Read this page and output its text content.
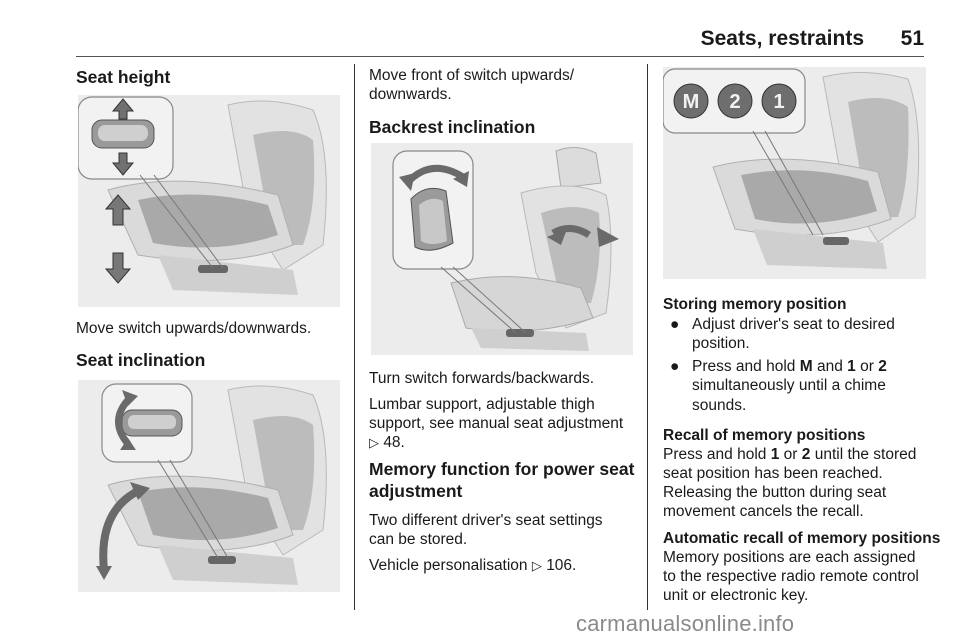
Seats, restraints 51
Seat height
Move switch upwards/downwards.
Seat inclination
Move front of switch upwards/
downwards.
Backrest inclination
Turn switch forwards/backwards.
Lumbar support, adjustable thigh
support, see manual seat adjustment
▷ 48.
Memory function for power seat
adjustment
Two different driver's seat settings
can be stored.
Vehicle personalisation ▷ 106.
M 2 1
Storing memory position
● Adjust driver's seat to desired
position.
● Press and hold M and 1 or 2
simultaneously until a chime
sounds.
Recall of memory positions
Press and hold 1 or 2 until the stored
seat position has been reached.
Releasing the button during seat
movement cancels the recall.
Automatic recall of memory positions
Memory positions are each assigned
to the respective radio remote control
unit or electronic key.
carmanualsonline.info
